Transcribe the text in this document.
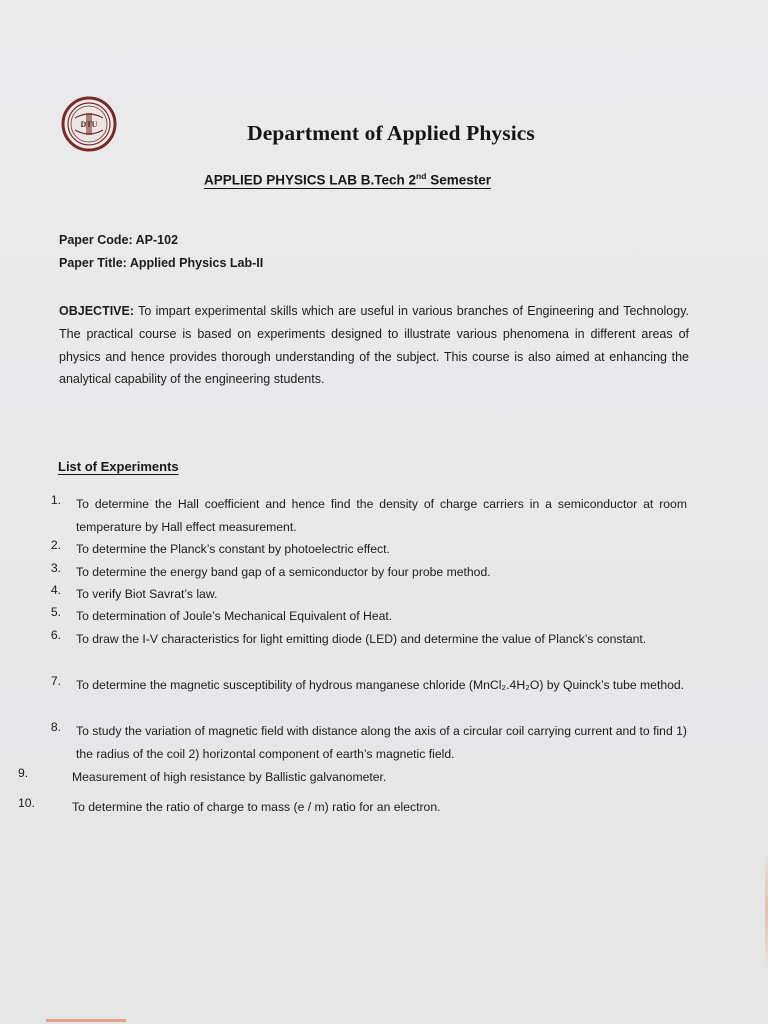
DTU	Department of Applied Physics
APPLIED PHYSICS LAB B.Tech 2nd Semester
Paper Code: AP-102
Paper Title: Applied Physics Lab-II
OBJECTIVE: To impart experimental skills which are useful in various branches of Engineering and Technology. The practical course is based on experiments designed to illustrate various phenomena in different areas of physics and hence provides thorough understanding of the subject. This course is also aimed at enhancing the analytical capability of the engineering students.
List of Experiments
1. To determine the Hall coefficient and hence find the density of charge carriers in a semiconductor at room temperature by Hall effect measurement.
2. To determine the Planck’s constant by photoelectric effect.
3. To determine the energy band gap of a semiconductor by four probe method.
4. To verify Biot Savrat’s law.
5. To determination of Joule’s Mechanical Equivalent of Heat.
6. To draw the I-V characteristics for light emitting diode (LED) and determine the value of Planck’s constant.
7. To determine the magnetic susceptibility of hydrous manganese chloride (MnCl₂.4H₂O) by Quinck’s tube method.
8. To study the variation of magnetic field with distance along the axis of a circular coil carrying current and to find 1) the radius of the coil 2) horizontal component of earth’s magnetic field.
9.	Measurement of high resistance by Ballistic galvanometer.
10.	To determine the ratio of charge to mass (e / m) ratio for an electron.
